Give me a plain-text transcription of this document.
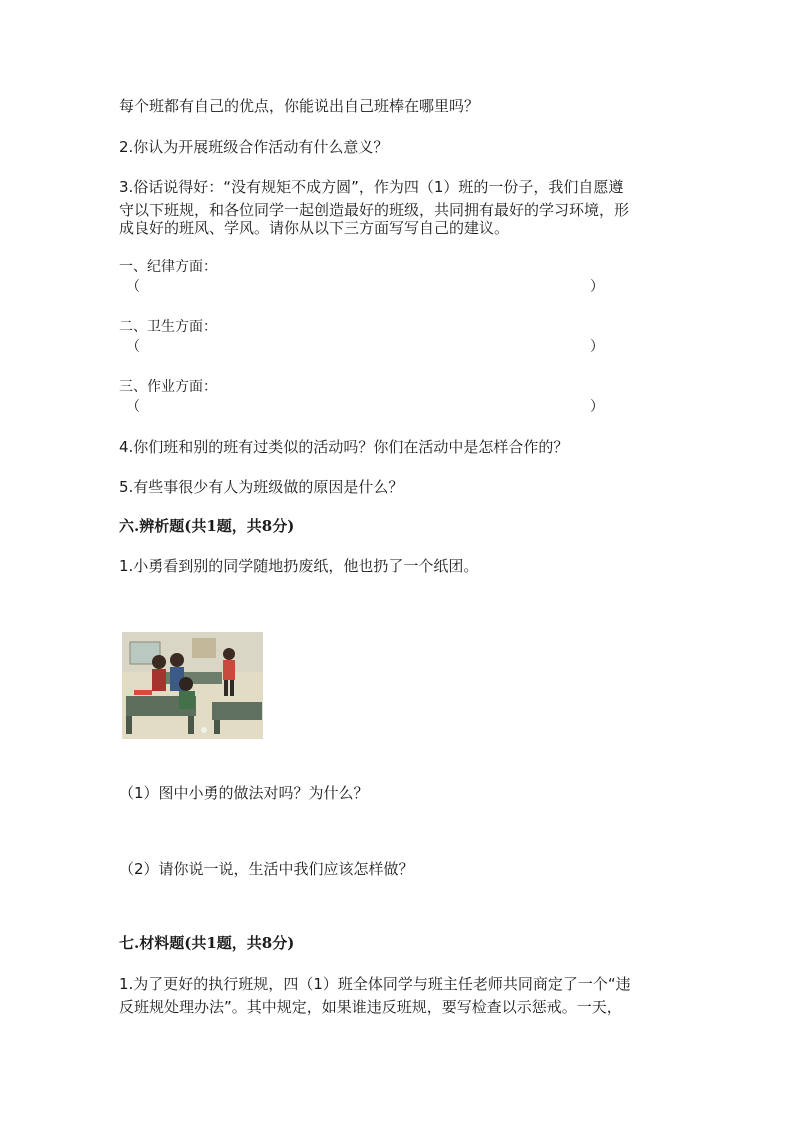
每个班都有自己的优点，你能说出自己班棒在哪里吗？
2.你认为开展班级合作活动有什么意义？
3.俗话说得好：“没有规矩不成方圆”，作为四（1）班的一份子，我们自愿遵
守以下班规，和各位同学一起创造最好的班级，共同拥有最好的学习环境，形
成良好的班风、学风。请你从以下三方面写写自己的建议。
一、纪律方面：
（	）
二、卫生方面：
（	）
三、作业方面：
（	）
4.你们班和别的班有过类似的活动吗？你们在活动中是怎样合作的？
5.有些事很少有人为班级做的原因是什么？
六.辨析题(共1题，共8分)
1.小勇看到别的同学随地扔废纸，他也扔了一个纸团。
（1）图中小勇的做法对吗？为什么？
（2）请你说一说，生活中我们应该怎样做？
七.材料题(共1题，共8分)
1.为了更好的执行班规，四（1）班全体同学与班主任老师共同商定了一个“违
反班规处理办法”。其中规定，如果谁违反班规，要写检查以示惩戒。一天，
